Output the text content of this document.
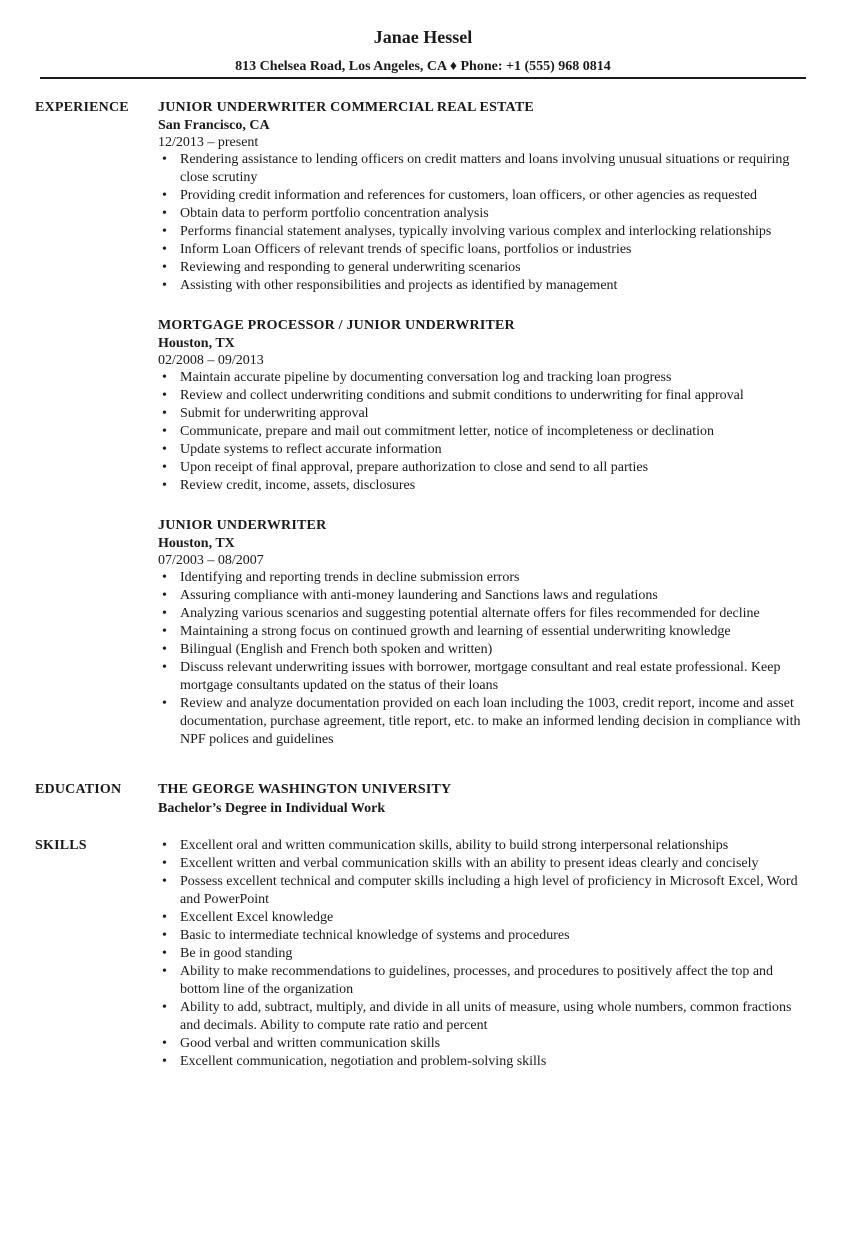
Janae Hessel
813 Chelsea Road, Los Angeles, CA ♦ Phone: +1 (555) 968 0814
EXPERIENCE	JUNIOR UNDERWRITER COMMERCIAL REAL ESTATE
San Francisco, CA
12/2013 – present
• Rendering assistance to lending officers on credit matters and loans involving unusual situations or requiring close scrutiny
• Providing credit information and references for customers, loan officers, or other agencies as requested
• Obtain data to perform portfolio concentration analysis
• Performs financial statement analyses, typically involving various complex and interlocking relationships
• Inform Loan Officers of relevant trends of specific loans, portfolios or industries
• Reviewing and responding to general underwriting scenarios
• Assisting with other responsibilities and projects as identified by management
MORTGAGE PROCESSOR / JUNIOR UNDERWRITER
Houston, TX
02/2008 – 09/2013
• Maintain accurate pipeline by documenting conversation log and tracking loan progress
• Review and collect underwriting conditions and submit conditions to underwriting for final approval
• Submit for underwriting approval
• Communicate, prepare and mail out commitment letter, notice of incompleteness or declination
• Update systems to reflect accurate information
• Upon receipt of final approval, prepare authorization to close and send to all parties
• Review credit, income, assets, disclosures
JUNIOR UNDERWRITER
Houston, TX
07/2003 – 08/2007
• Identifying and reporting trends in decline submission errors
• Assuring compliance with anti-money laundering and Sanctions laws and regulations
• Analyzing various scenarios and suggesting potential alternate offers for files recommended for decline
• Maintaining a strong focus on continued growth and learning of essential underwriting knowledge
• Bilingual (English and French both spoken and written)
• Discuss relevant underwriting issues with borrower, mortgage consultant and real estate professional. Keep mortgage consultants updated on the status of their loans
• Review and analyze documentation provided on each loan including the 1003, credit report, income and asset documentation, purchase agreement, title report, etc. to make an informed lending decision in compliance with NPF polices and guidelines
EDUCATION	THE GEORGE WASHINGTON UNIVERSITY
Bachelor’s Degree in Individual Work
SKILLS	• Excellent oral and written communication skills, ability to build strong interpersonal relationships
• Excellent written and verbal communication skills with an ability to present ideas clearly and concisely
• Possess excellent technical and computer skills including a high level of proficiency in Microsoft Excel, Word and PowerPoint
• Excellent Excel knowledge
• Basic to intermediate technical knowledge of systems and procedures
• Be in good standing
• Ability to make recommendations to guidelines, processes, and procedures to positively affect the top and bottom line of the organization
• Ability to add, subtract, multiply, and divide in all units of measure, using whole numbers, common fractions and decimals. Ability to compute rate ratio and percent
• Good verbal and written communication skills
• Excellent communication, negotiation and problem-solving skills
